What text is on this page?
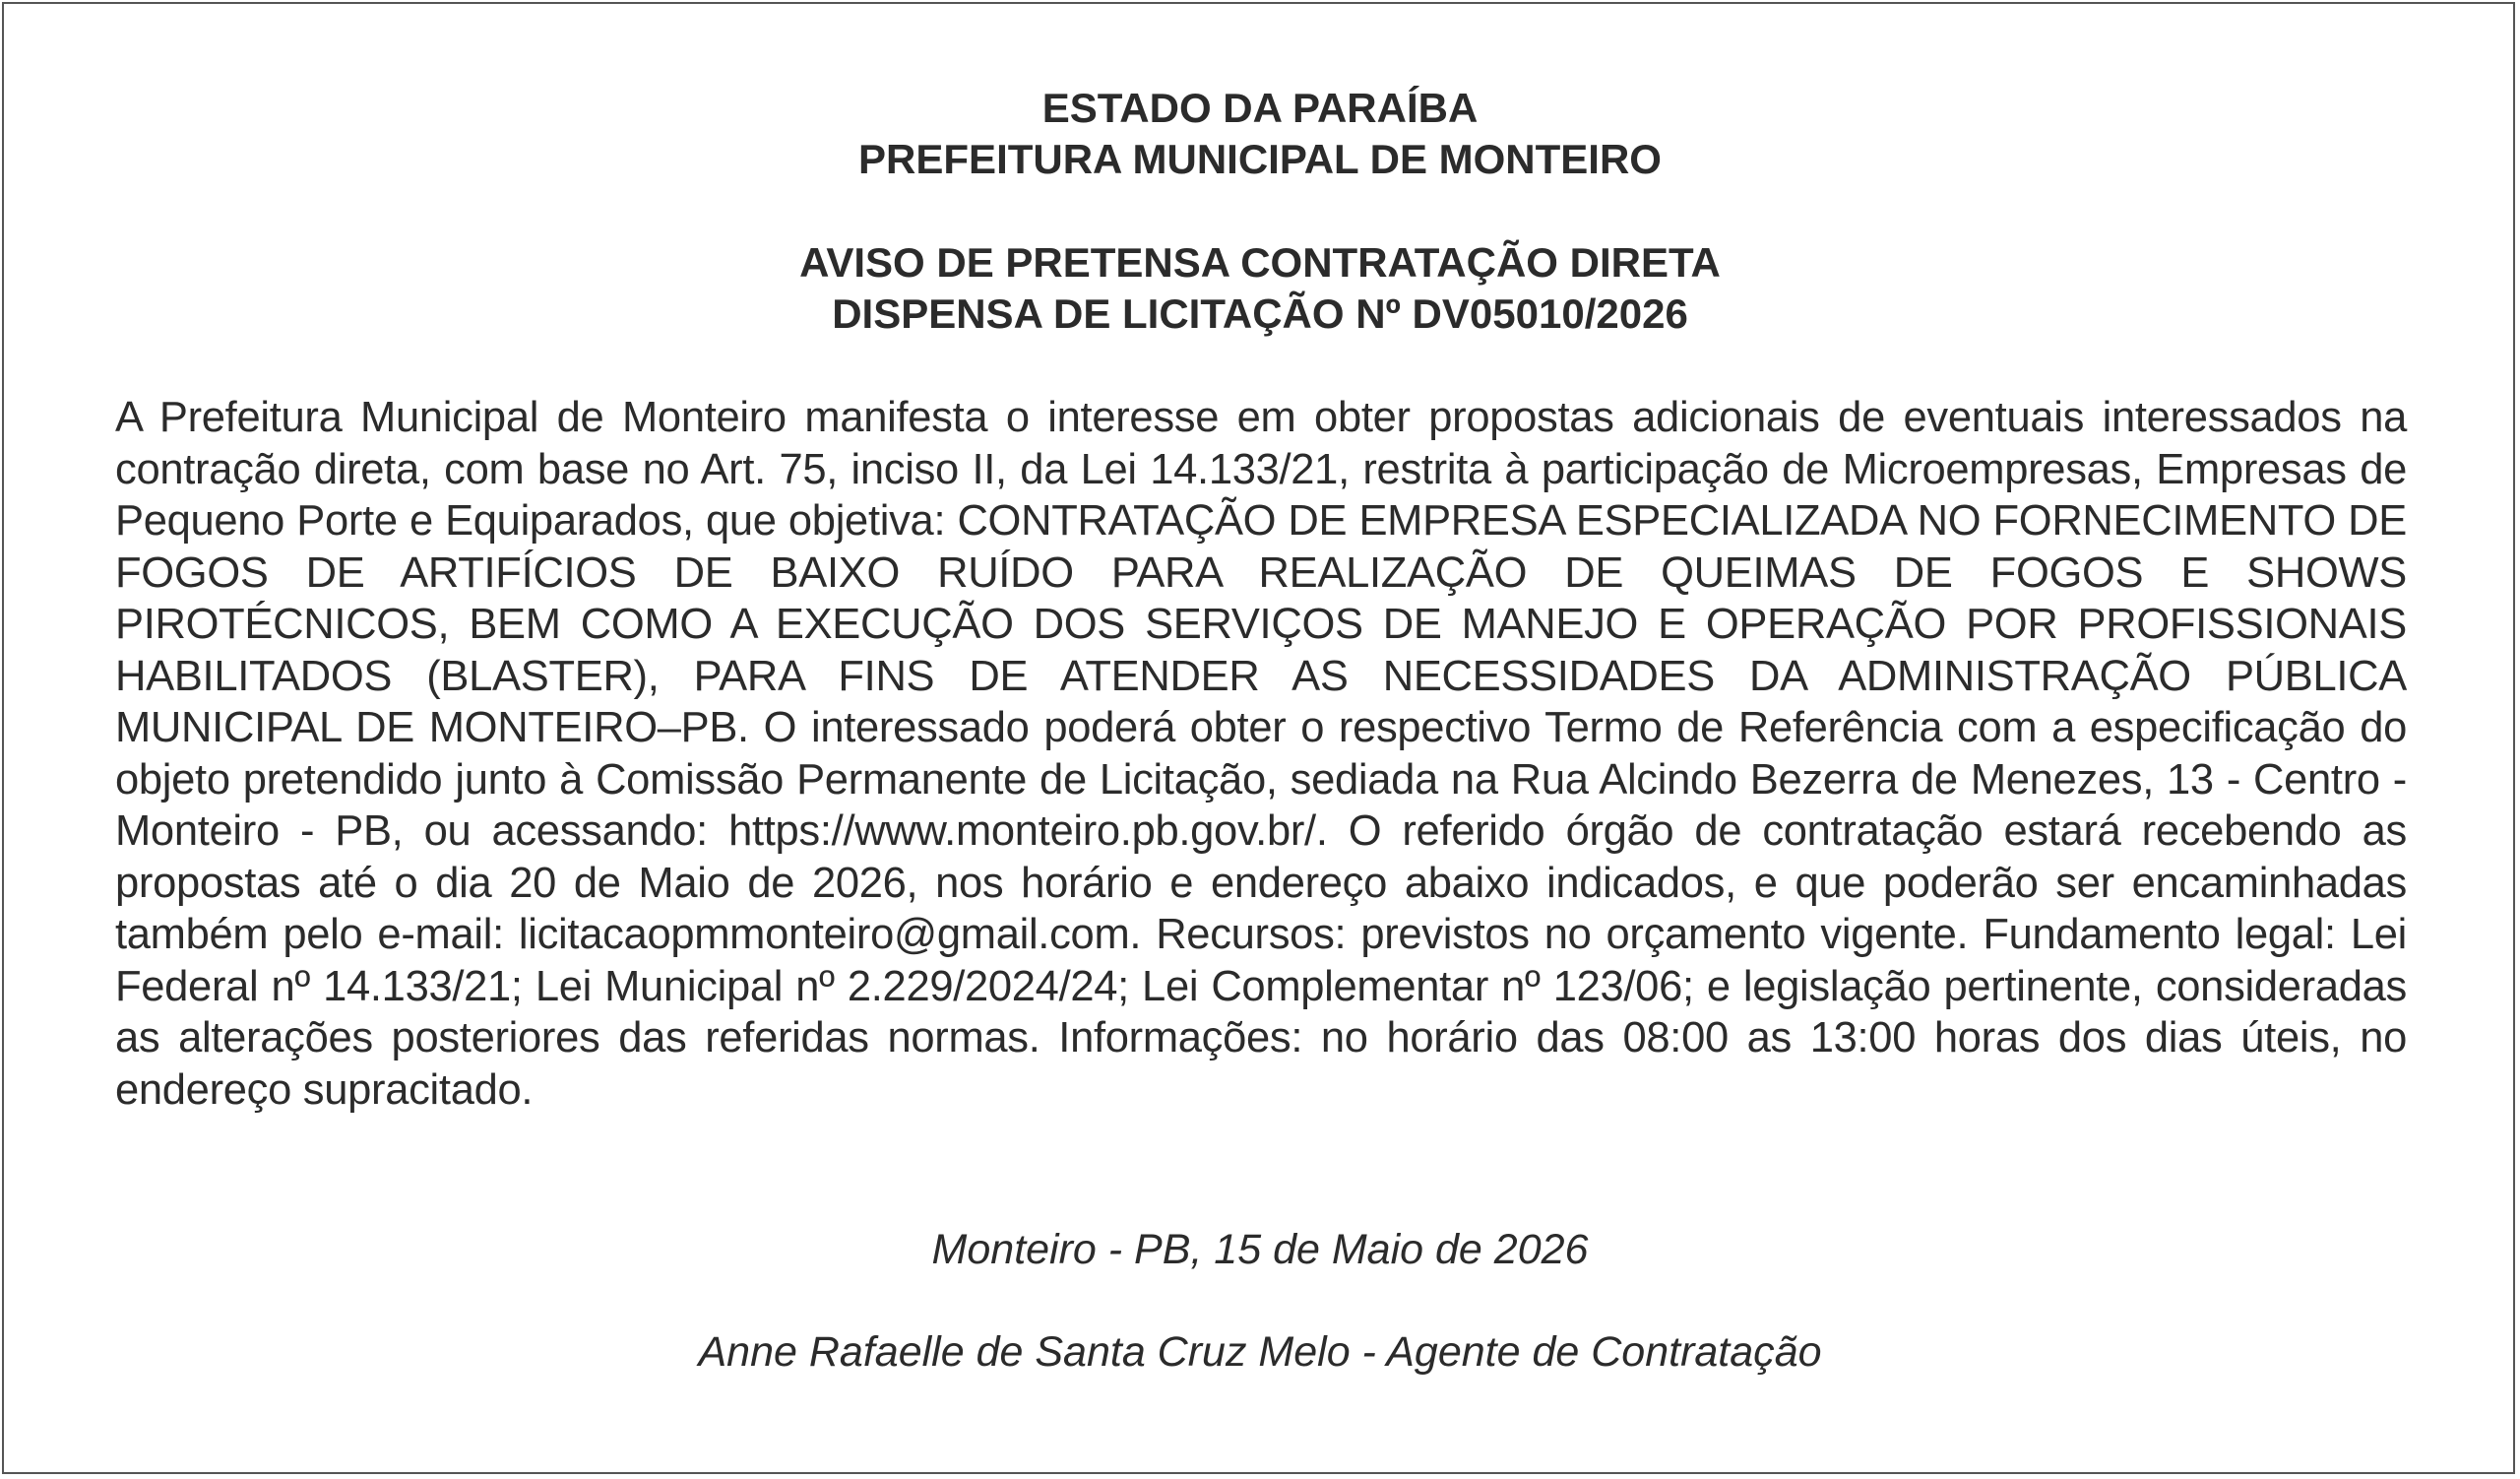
ESTADO DA PARAÍBA
PREFEITURA MUNICIPAL DE MONTEIRO
AVISO DE PRETENSA CONTRATAÇÃO DIRETA
DISPENSA DE LICITAÇÃO Nº DV05010/2026
A Prefeitura Municipal de Monteiro manifesta o interesse em obter propostas adicionais de eventuais interessados na contração direta, com base no Art. 75, inciso II, da Lei 14.133/21, restrita à participação de Microempresas, Empresas de Pequeno Porte e Equiparados, que objetiva: CONTRATAÇÃO DE EMPRESA ESPECIALIZADA NO FORNECIMENTO DE FOGOS DE ARTIFÍCIOS DE BAIXO RUÍDO PARA REALIZAÇÃO DE QUEIMAS DE FOGOS E SHOWS PIROTÉCNICOS, BEM COMO A EXECUÇÃO DOS SERVIÇOS DE MANEJO E OPERAÇÃO POR PROFISSIONAIS HABILITADOS (BLASTER), PARA FINS DE ATENDER AS NECESSIDADES DA ADMINISTRAÇÃO PÚBLICA MUNICIPAL DE MONTEIRO–PB. O interessado poderá obter o respectivo Termo de Referência com a especificação do objeto pretendido junto à Comissão Permanente de Licitação, sediada na Rua Alcindo Bezerra de Menezes, 13 - Centro - Monteiro - PB, ou acessando: https://www.monteiro.pb.gov.br/. O referido órgão de contratação estará recebendo as propostas até o dia 20 de Maio de 2026, nos horário e endereço abaixo indicados, e que poderão ser encaminhadas também pelo e-mail: licitacaopmmonteiro@gmail.com. Recursos: previstos no orçamento vigente. Fundamento legal: Lei Federal nº 14.133/21; Lei Municipal nº 2.229/2024/24; Lei Complementar nº 123/06; e legislação pertinente, consideradas as alterações posteriores das referidas normas. Informações: no horário das 08:00 as 13:00 horas dos dias úteis, no endereço supracitado.
Monteiro - PB, 15 de Maio de 2026
Anne Rafaelle de Santa Cruz Melo - Agente de Contratação
